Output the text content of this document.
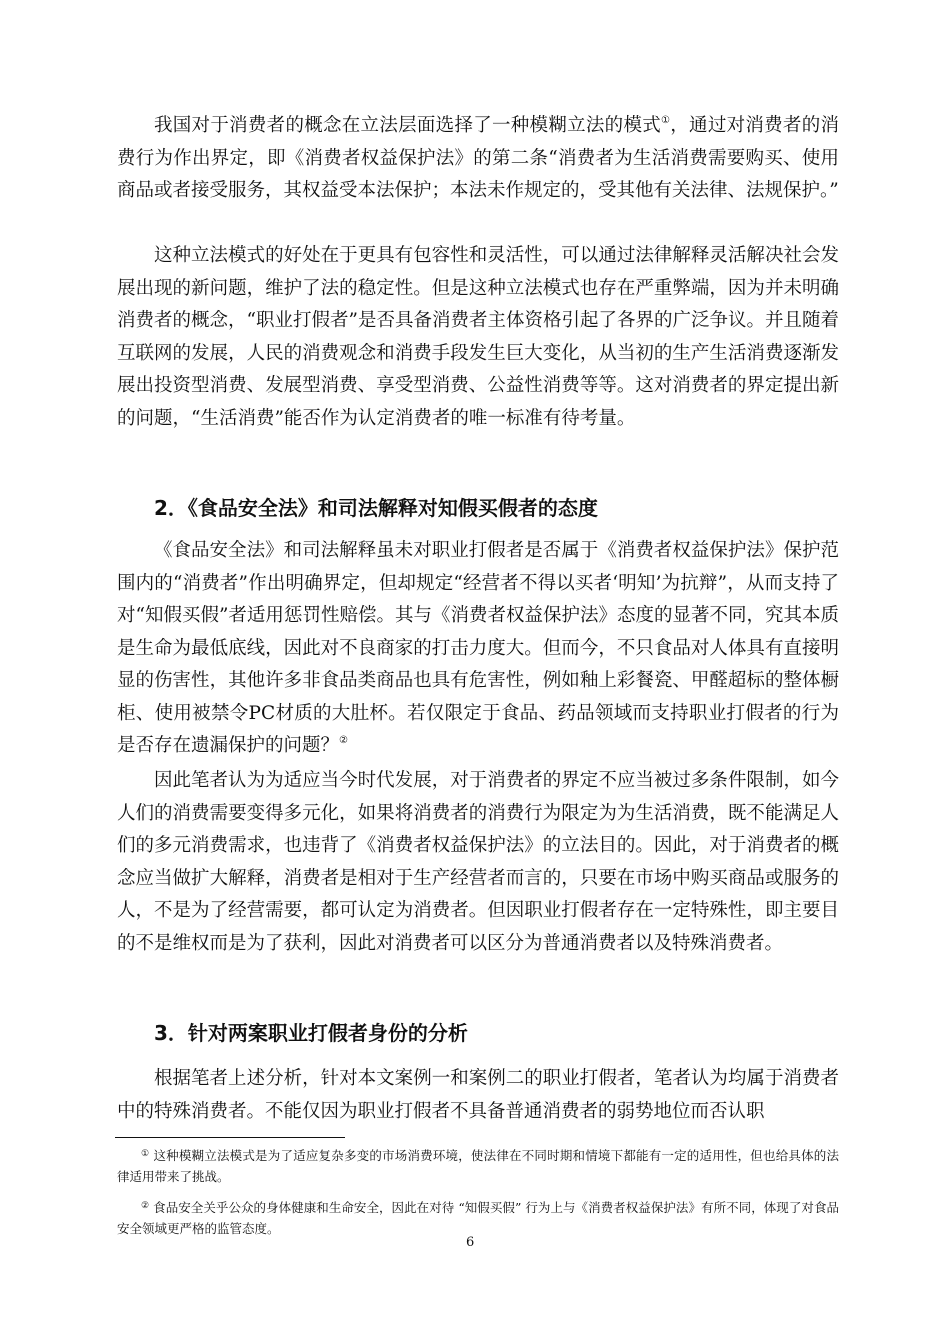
我国对于消费者的概念在立法层面选择了一种模糊立法的模式①，通过对消费者的消费行为作出界定，即《消费者权益保护法》的第二条“消费者为生活消费需要购买、使用商品或者接受服务，其权益受本法保护；本法未作规定的，受其他有关法律、法规保护。”

这种立法模式的好处在于更具有包容性和灵活性，可以通过法律解释灵活解决社会发展出现的新问题，维护了法的稳定性。但是这种立法模式也存在严重弊端，因为并未明确消费者的概念，“职业打假者”是否具备消费者主体资格引起了各界的广泛争议。并且随着互联网的发展，人民的消费观念和消费手段发生巨大变化，从当初的生产生活消费逐渐发展出投资型消费、发展型消费、享受型消费、公益性消费等等。这对消费者的界定提出新的问题，“生活消费”能否作为认定消费者的唯一标准有待考量。

2．《食品安全法》和司法解释对知假买假者的态度

《食品安全法》和司法解释虽未对职业打假者是否属于《消费者权益保护法》保护范围内的“消费者”作出明确界定，但却规定“经营者不得以买者‘明知’为抗辩”，从而支持了对“知假买假”者适用惩罚性赔偿。其与《消费者权益保护法》态度的显著不同，究其本质是生命为最低底线，因此对不良商家的打击力度大。但而今，不只食品对人体具有直接明显的伤害性，其他许多非食品类商品也具有危害性，例如釉上彩餐瓷、甲醛超标的整体橱柜、使用被禁令PC材质的大肚杯。若仅限定于食品、药品领域而支持职业打假者的行为是否存在遗漏保护的问题？②

因此笔者认为为适应当今时代发展，对于消费者的界定不应当被过多条件限制，如今人们的消费需要变得多元化，如果将消费者的消费行为限定为为生活消费，既不能满足人们的多元消费需求，也违背了《消费者权益保护法》的立法目的。因此，对于消费者的概念应当做扩大解释，消费者是相对于生产经营者而言的，只要在市场中购买商品或服务的人，不是为了经营需要，都可认定为消费者。但因职业打假者存在一定特殊性，即主要目的不是维权而是为了获利，因此对消费者可以区分为普通消费者以及特殊消费者。

3．针对两案职业打假者身份的分析

根据笔者上述分析，针对本文案例一和案例二的职业打假者，笔者认为均属于消费者中的特殊消费者。不能仅因为职业打假者不具备普通消费者的弱势地位而否认职

① 这种模糊立法模式是为了适应复杂多变的市场消费环境，使法律在不同时期和情境下都能有一定的适用性，但也给具体的法律适用带来了挑战。

② 食品安全关乎公众的身体健康和生命安全，因此在对待 “知假买假” 行为上与《消费者权益保护法》有所不同，体现了对食品安全领域更严格的监管态度。

6
